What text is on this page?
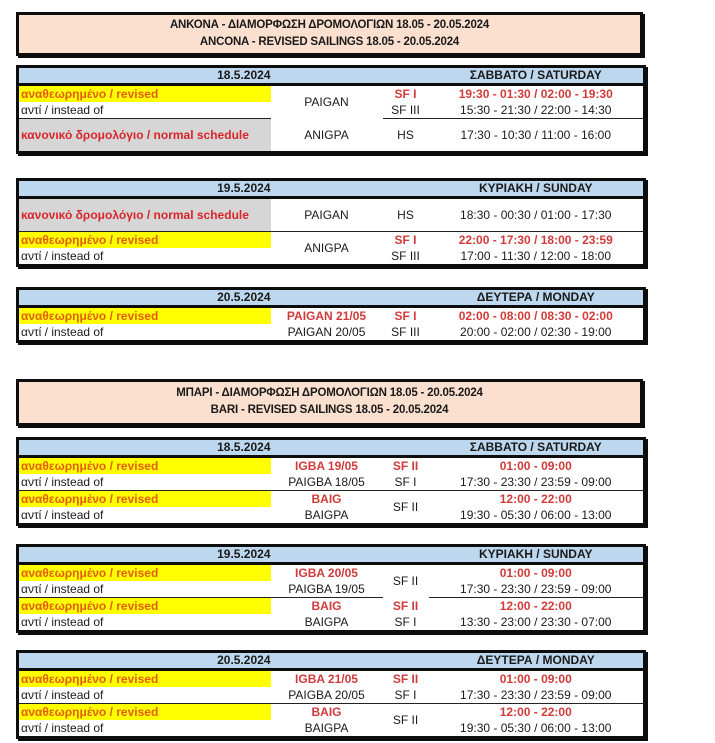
ΑΝΚΟΝΑ - ΔΙΑΜΟΡΦΩΣΗ ΔΡΟΜΟΛΟΓΙΩΝ 18.05 - 20.05.2024
ANCONA - REVISED SAILINGS 18.05 - 20.05.2024
18.5.2024			ΣΑΒΒΑΤΟ / SATURDAY
αναθεωρημένο / revised	PAIGAN	SF I	19:30 - 01:30 / 02:00 - 19:30
αντί / instead of		SF III	15:30 - 21:30 / 22:00 - 14:30
κανονικό δρομολόγιο / normal schedule	ANIGPA	HS	17:30 - 10:30 / 11:00 - 16:00
19.5.2024			ΚΥΡΙΑΚΗ / SUNDAY
κανονικό δρομολόγιο / normal schedule	PAIGAN	HS	18:30 - 00:30 / 01:00 - 17:30
αναθεωρημένο / revised	ANIGPA	SF I	22:00 - 17:30 / 18:00 - 23:59
αντί / instead of		SF III	17:00 - 11:30 / 12:00 - 18:00
20.5.2024			ΔΕΥΤΕΡΑ / MONDAY
αναθεωρημένο / revised	PAIGAN 21/05	SF I	02:00 - 08:00 / 08:30 - 02:00
αντί / instead of	PAIGAN 20/05	SF III	20:00 - 02:00 / 02:30 - 19:00
ΜΠΑΡΙ - ΔΙΑΜΟΡΦΩΣΗ ΔΡΟΜΟΛΟΓΙΩΝ 18.05 - 20.05.2024
BARI - REVISED SAILINGS 18.05 - 20.05.2024
18.5.2024			ΣΑΒΒΑΤΟ / SATURDAY
αναθεωρημένο / revised	IGBA 19/05	SF II	01:00 - 09:00
αντί / instead of	PAIGBA 18/05	SF I	17:30 - 23:30 / 23:59 - 09:00
αναθεωρημένο / revised	BAIG	SF II	12:00 - 22:00
αντί / instead of	BAIGPA		19:30 - 05:30 / 06:00 - 13:00
19.5.2024			ΚΥΡΙΑΚΗ / SUNDAY
αναθεωρημένο / revised	IGBA 20/05	SF II	01:00 - 09:00
αντί / instead of	PAIGBA 19/05		17:30 - 23:30 / 23:59 - 09:00
αναθεωρημένο / revised	BAIG	SF II	12:00 - 22:00
αντί / instead of	BAIGPA	SF I	13:30 - 23:00 / 23:30 - 07:00
20.5.2024			ΔΕΥΤΕΡΑ / MONDAY
αναθεωρημένο / revised	IGBA 21/05	SF II	01:00 - 09:00
αντί / instead of	PAIGBA 20/05	SF I	17:30 - 23:30 / 23:59 - 09:00
αναθεωρημένο / revised	BAIG	SF II	12:00 - 22:00
αντί / instead of	BAIGPA		19:30 - 05:30 / 06:00 - 13:00
